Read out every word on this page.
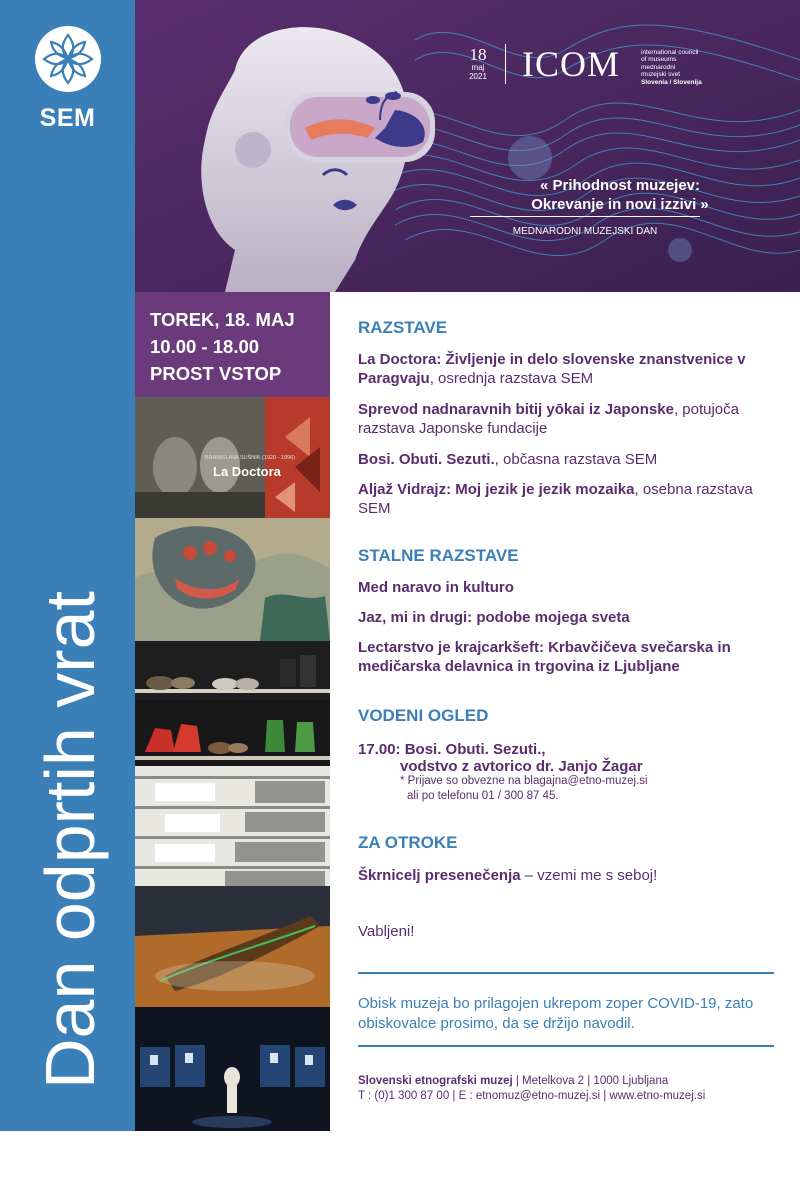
SEM
Dan odprtih vrat
18
maj
2021 ICOM	international council
of museums
mednarodni
muzejski svet
Slovenia / Slovenija
« Prihodnost muzejev:
Okrevanje in novi izzivi »
MEDNARODNI MUZEJSKI DAN
TOREK, 18. MAJ
10.00 - 18.00
PROST VSTOP
BRANISLAVA SUŠNIK (1920 - 1996)
La Doctora
RAZSTAVE
La Doctora: Življenje in delo slovenske znanstvenice v Paragvaju, osrednja razstava SEM
Sprevod nadnaravnih bitij yōkai iz Japonske, potujoča razstava Japonske fundacije
Bosi. Obuti. Sezuti., občasna razstava SEM
Aljaž Vidrajz: Moj jezik je jezik mozaika, osebna razstava SEM
STALNE RAZSTAVE
Med naravo in kulturo
Jaz, mi in drugi: podobe mojega sveta
Lectarstvo je krajcarkšeft: Krbavčičeva svečarska in medičarska delavnica in trgovina iz Ljubljane
VODENI OGLED
17.00: Bosi. Obuti. Sezuti.,
vodstvo z avtorico dr. Janjo Žagar
* Prijave so obvezne na blagajna@etno-muzej.si
ali po telefonu 01 / 300 87 45.
ZA OTROKE
Škrnicelj presenečenja – vzemi me s seboj!
Vabljeni!
Obisk muzeja bo prilagojen ukrepom zoper COVID-19, zato obiskovalce prosimo, da se držijo navodil.
Slovenski etnografski muzej | Metelkova 2 | 1000 Ljubljana
T : (0)1 300 87 00 | E : etnomuz@etno-muzej.si | www.etno-muzej.si
